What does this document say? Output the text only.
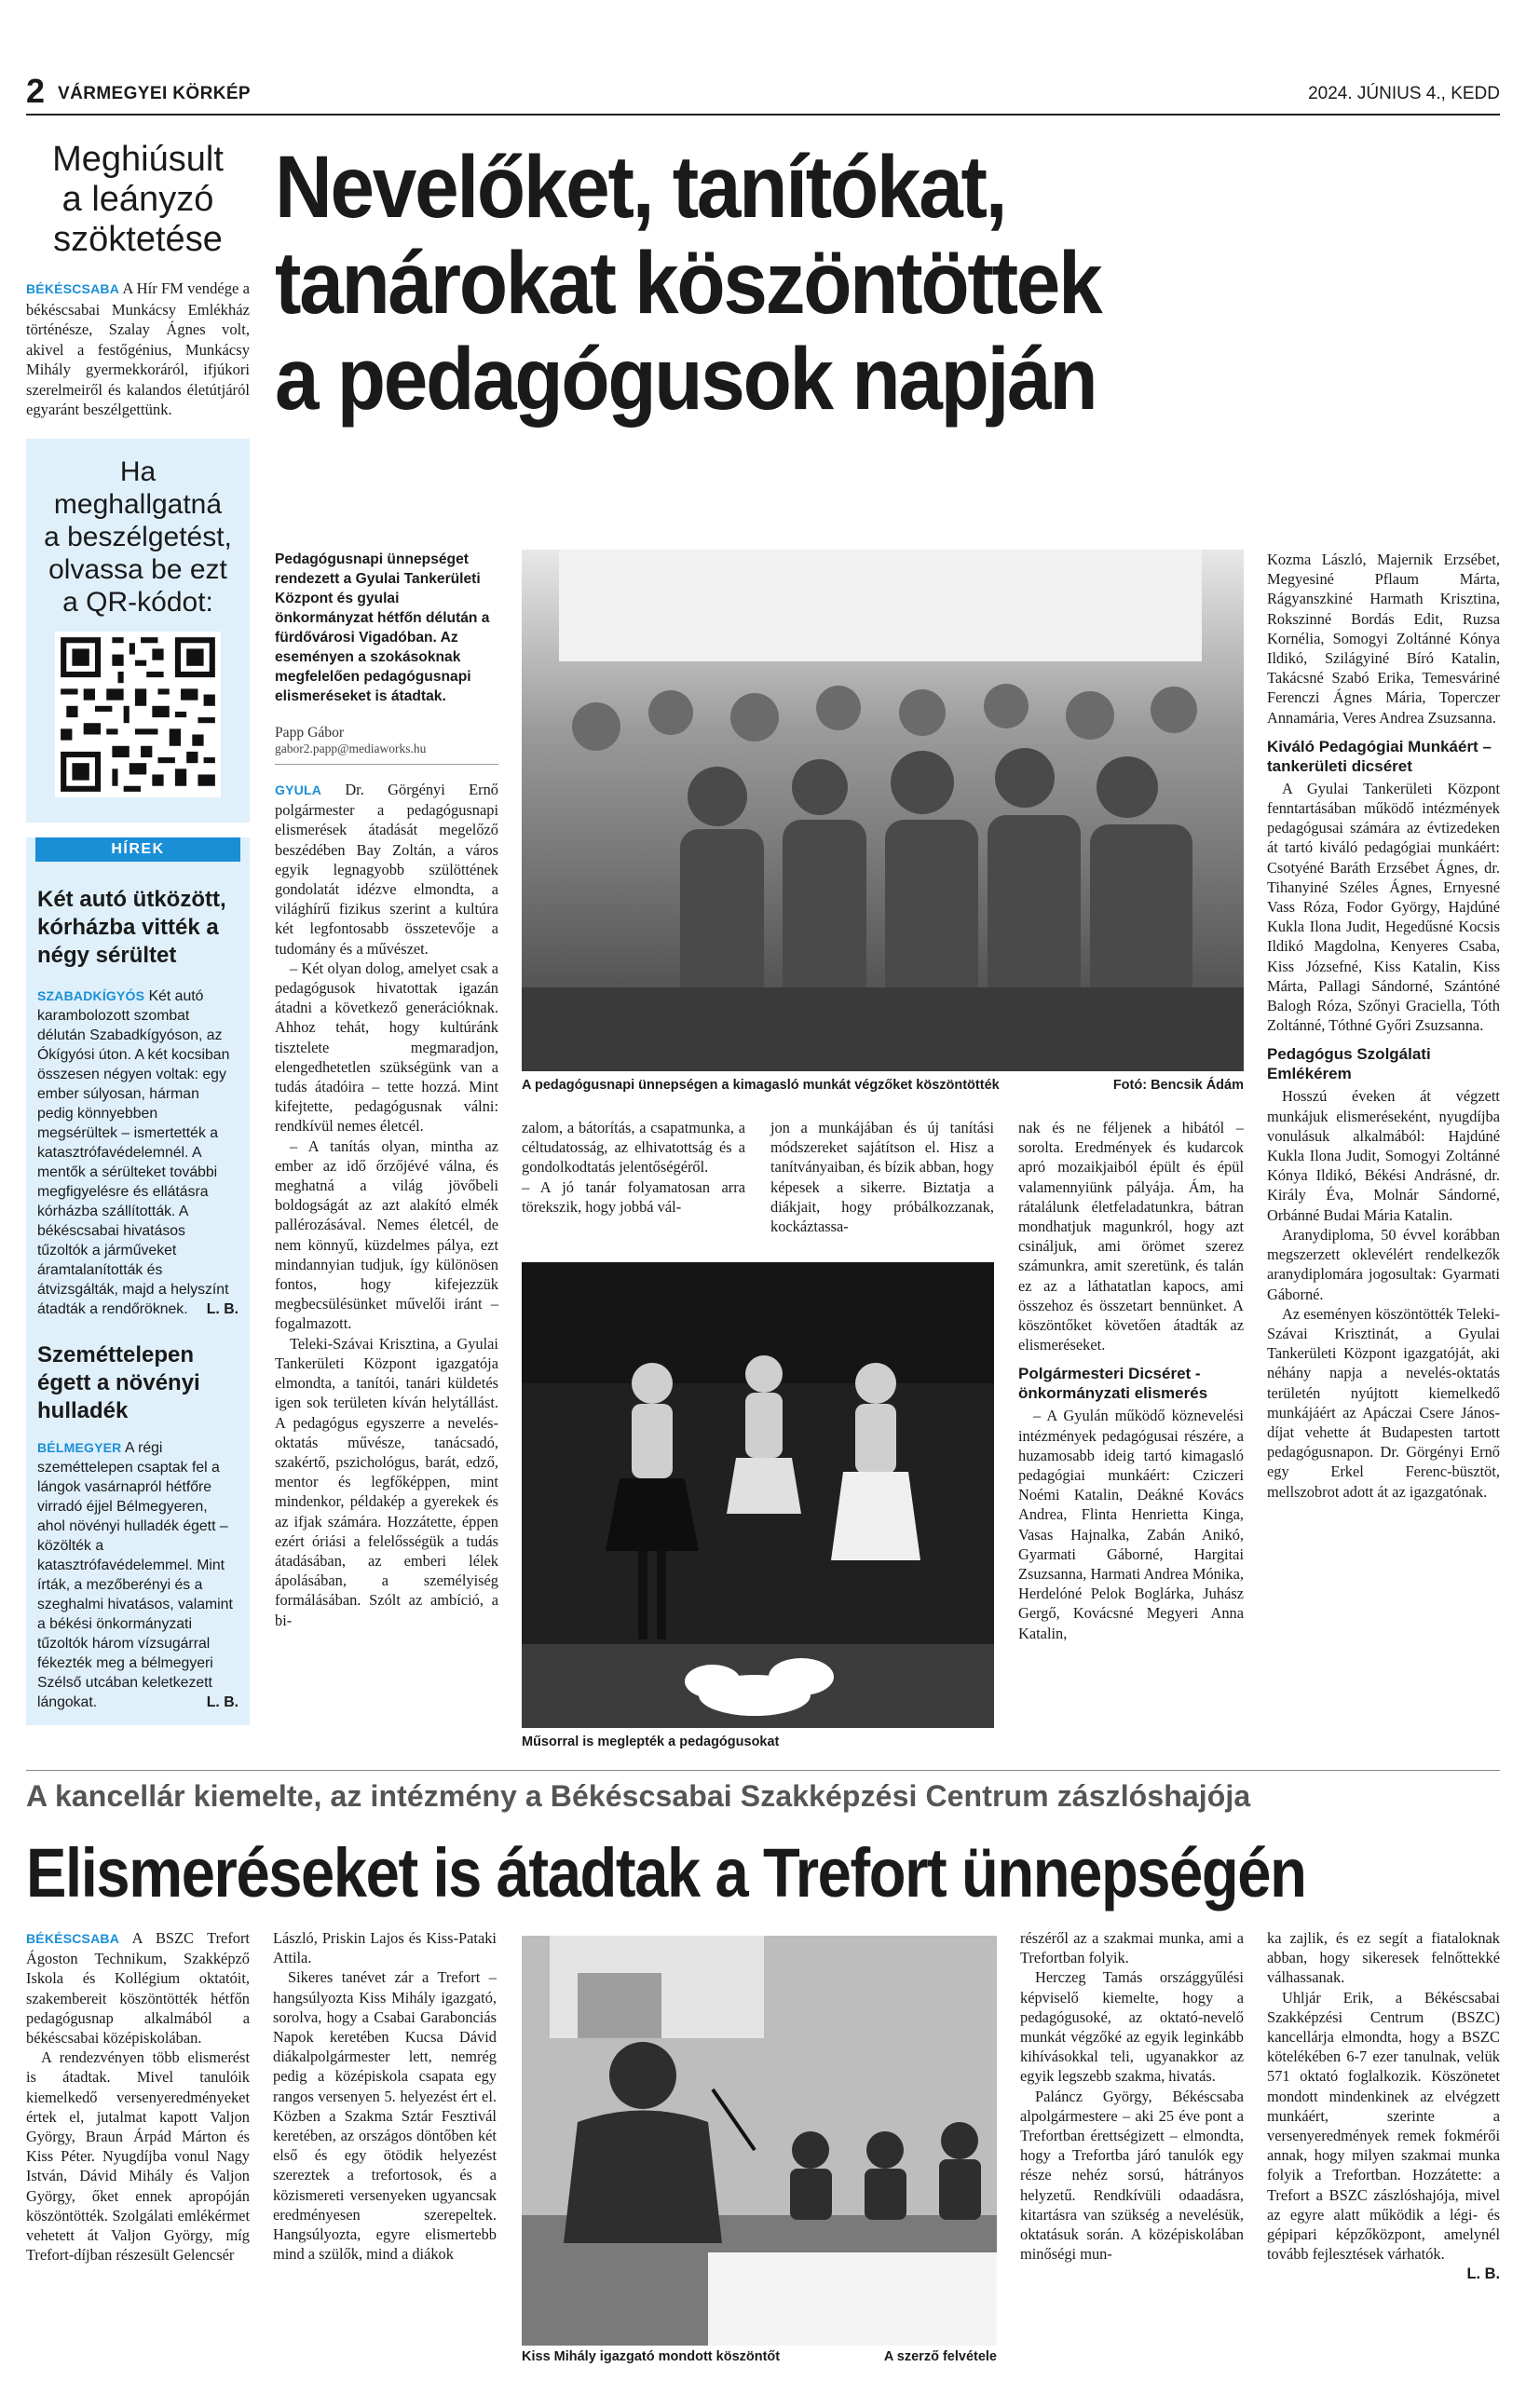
2 VÁRMEGYEI KÖRKÉP	2024. JÚNIUS 4., KEDD
Meghiúsult
a leányzó
szöktetése

BÉKÉSCSABA A Hír FM vendége a békéscsabai Munkácsy Emlékház történésze, Szalay Ágnes volt, akivel a festőgénius, Munkácsy Mihály gyermekkoráról, ifjúkori szerelmeiről és kalandos életútjáról egyaránt beszélgettünk.

Ha meghallgatná
a beszélgetést,
olvassa be ezt
a QR-kódot:
HÍREK
Két autó ütközött, kórházba vitték a négy sérültet
SZABADKÍGYÓS Két autó karambolozott szombat délután Szabadkígyóson, az Ókígyósi úton. A két kocsiban összesen négyen voltak: egy ember súlyosan, hárman pedig könnyebben megsérültek – ismertették a katasztrófavédelemnél. A mentők a sérülteket további megfigyelésre és ellátásra kórházba szállították. A békéscsabai hivatásos tűzoltók a járműveket áramtalanították és átvizsgálták, majd a helyszínt átadták a rendőröknek. L. B.
Szeméttelepen égett a növényi hulladék
BÉLMEGYER A régi szeméttelepen csaptak fel a lángok vasárnapról hétfőre virradó éjjel Bélmegyeren, ahol növényi hulladék égett – közölték a katasztrófavédelemmel. Mint írták, a mezőberényi és a szeghalmi hivatásos, valamint a békési önkormányzati tűzoltók három vízsugárral fékezték meg a bélmegyeri Szélső utcában keletkezett lángokat.	L. B.
Nevelőket, tanítókat,
tanárokat köszöntöttek
a pedagógusok napján
Pedagógusnapi ünnepséget rendezett a Gyulai Tankerületi Központ és gyulai önkormányzat hétfőn délután a fürdővárosi Vigadóban. Az eseményen a szokásoknak megfelelően pedagógusnapi elismeréseket is átadtak.
Papp Gábor
gabor2.papp@mediaworks.hu

GYULA Dr. Görgényi Ernő polgármester a pedagógusnapi elismerések átadását megelőző beszédében Bay Zoltán, a város egyik legnagyobb szülöttének gondolatát idézve elmondta, a világhírű fizikus szerint a kultúra két legfontosabb összetevője a tudomány és a művészet.

– Két olyan dolog, amelyet csak a pedagógusok hivatottak igazán átadni a következő generációknak. Ahhoz tehát, hogy kultúránk tisztelete megmaradjon, elengedhetetlen szükségünk van a tudás átadóira – tette hozzá. Mint kifejtette, pedagógusnak válni: rendkívül nemes életcél.

– A tanítás olyan, mintha az ember az idő őrzőjévé válna, és meghatná a világ jövőbeli boldogságát az azt alakító elmék pallérozásával. Nemes életcél, de nem könnyű, küzdelmes pálya, ezt mindannyian tudjuk, így különösen fontos, hogy kifejezzük megbecsülésünket művelői iránt – fogalmazott.

Teleki-Szávai Krisztina, a Gyulai Tankerületi Központ igazgatója elmondta, a tanítói, tanári küldetés igen sok területen kíván helytállást. A pedagógus egyszerre a nevelés-oktatás művésze, tanácsadó, szakértő, pszichológus, barát, edző, mentor és legfőképpen, mint mindenkor, példakép a gyerekek és az ifjak számára. Hozzátette, éppen ezért óriási a felelősségük a tudás átadásában, az emberi lélek ápolásában, a személyiség formálásában. Szólt az ambíció, a bi-

A pedagógusnapi ünnepségen a kimagasló munkát végzőket köszöntötték	Fotó: Bencsik Ádám
zalom, a bátorítás, a csapatmunka, a céltudatosság, az elhivatottság és a gondolkodtatás jelentőségéről.
– A jó tanár folyamatosan arra törekszik, hogy jobbá vál-
jon a munkájában és új tanítási módszereket sajátítson el. Hisz a tanítványaiban, és bízik abban, hogy képesek a sikerre. Biztatja a diákjait, hogy próbálkozzanak, kockáztassa-
Műsorral is meglepték a pedagógusokat

nak és ne féljenek a hibától – sorolta. Eredmények és kudarcok apró mozaikjaiból épült és épül valamennyiünk pályája. Ám, ha rátalálunk életfeladatunkra, bátran mondhatjuk magunkról, hogy azt csináljuk, ami örömet szerez számunkra, amit szeretünk, és talán ez az a láthatatlan kapocs, ami összehoz és összetart bennünket. A köszöntőket követően átadták az elismeréseket.

Polgármesteri Dicséret - önkormányzati elismerés

– A Gyulán működő köznevelési intézmények pedagógusai részére, a huzamosabb ideig tartó kimagasló pedagógiai munkáért: Cziczeri Noémi Katalin, Deákné Kovács Andrea, Flinta Henrietta Kinga, Vasas Hajnalka, Zabán Anikó, Gyarmati Gáborné, Hargitai Zsuzsanna, Harmati Andrea Mónika, Herdelóné Pelok Boglárka, Juhász Gergő, Kovácsné Megyeri Anna Katalin,

Kozma László, Majernik Erzsébet, Megyesiné Pflaum Márta, Rágyanszkiné Harmath Krisztina, Rokszinné Bordás Edit, Ruzsa Kornélia, Somogyi Zoltánné Kónya Ildikó, Szilágyiné Bíró Katalin, Takácsné Szabó Erika, Temesváriné Ferenczi Ágnes Mária, Toperczer Annamária, Veres Andrea Zsuzsanna.

Kiváló Pedagógiai Munkáért – tankerületi dicséret

A Gyulai Tankerületi Központ fenntartásában működő intézmények pedagógusai számára az évtizedeken át tartó kiváló pedagógiai munkáért: Csotyéné Baráth Erzsébet Ágnes, dr. Tihanyiné Széles Ágnes, Ernyesné Vass Róza, Fodor György, Hajdúné Kukla Ilona Judit, Hegedűsné Kocsis Ildikó Magdolna, Kenyeres Csaba, Kiss Józsefné, Kiss Katalin, Kiss Márta, Pallagi Sándorné, Szántóné Balogh Róza, Szőnyi Graciella, Tóth Zoltánné, Tóthné Győri Zsuzsanna.

Pedagógus Szolgálati Emlékérem

Hosszú éveken át végzett munkájuk elismeréseként, nyugdíjba vonulásuk alkalmából: Hajdúné Kukla Ilona Judit, Somogyi Zoltánné Kónya Ildikó, Békési Andrásné, dr. Király Éva, Molnár Sándorné, Orbánné Budai Mária Katalin.

Aranydiploma, 50 évvel korábban megszerzett oklevélért rendelkezők aranydiplomára jogosultak: Gyarmati Gáborné.

Az eseményen köszöntötték Teleki-Szávai Krisztinát, a Gyulai Tankerületi Központ igazgatóját, aki néhány napja a nevelés-oktatás területén nyújtott kiemelkedő munkájáért az Apáczai Csere János-díjat vehette át Budapesten tartott pedagógusnapon. Dr. Görgényi Ernő egy Erkel Ferenc-büsztöt, mellszobrot adott át az igazgatónak.

A kancellár kiemelte, az intézmény a Békéscsabai Szakképzési Centrum zászlóshajója
Elismeréseket is átadtak a Trefort ünnepségén

BÉKÉSCSABA A BSZC Trefort Ágoston Technikum, Szakképző Iskola és Kollégium oktatóit, szakembereit köszöntötték hétfőn pedagógusnap alkalmából a békéscsabai középiskolában.

A rendezvényen több elismerést is átadtak. Mivel tanulóik kiemelkedő versenyeredményeket értek el, jutalmat kapott Valjon György, Braun Árpád Márton és Kiss Péter. Nyugdíjba vonul Nagy István, Dávid Mihály és Valjon György, őket ennek apropóján köszöntötték. Szolgálati emlékérmet vehetett át Valjon György, míg Trefort-díjban részesült Gelencsér

László, Priskin Lajos és Kiss-Pataki Attila.

Sikeres tanévet zár a Trefort – hangsúlyozta Kiss Mihály igazgató, sorolva, hogy a Csabai Garabonciás Napok keretében Kucsa Dávid diákalpolgármester lett, nemrég pedig a középiskola csapata egy rangos versenyen 5. helyezést ért el. Közben a Szakma Sztár Fesztivál keretében, az országos döntőben két első és egy ötödik helyezést szereztek a trefortosok, és a közismereti versenyeken ugyancsak eredményesen szerepeltek. Hangsúlyozta, egyre elismertebb mind a szülők, mind a diákok

Kiss Mihály igazgató mondott köszöntőt	A szerző felvétele

részéről az a szakmai munka, ami a Trefortban folyik.

Herczeg Tamás országgyűlési képviselő kiemelte, hogy a pedagógusoké, az oktató-nevelő munkát végzőké az egyik leginkább kihívásokkal teli, ugyanakkor az egyik legszebb szakma, hivatás.

Paláncz György, Békéscsaba alpolgármestere – aki 25 éve pont a Trefortban érettségizett – elmondta, hogy a Trefortba járó tanulók egy része nehéz sorsú, hátrányos helyzetű. Rendkívüli odaadásra, kitartásra van szükség a nevelésük, oktatásuk során. A középiskolában minőségi mun-

ka zajlik, és ez segít a fiataloknak abban, hogy sikeresek felnőttekké válhassanak.

Uhljár Erik, a Békéscsabai Szakképzési Centrum (BSZC) kancellárja elmondta, hogy a BSZC kötelékében 6-7 ezer tanulnak, velük 571 oktató foglalkozik. Köszönetet mondott mindenkinek az elvégzett munkáért, szerinte a versenyeredmények remek fokmérői annak, hogy milyen szakmai munka folyik a Trefortban. Hozzátette: a Trefort a BSZC zászlóshajója, mivel az egyre alatt működik a légi- és gépipari képzőközpont, amelynél tovább fejlesztések várhatók.

L. B.
